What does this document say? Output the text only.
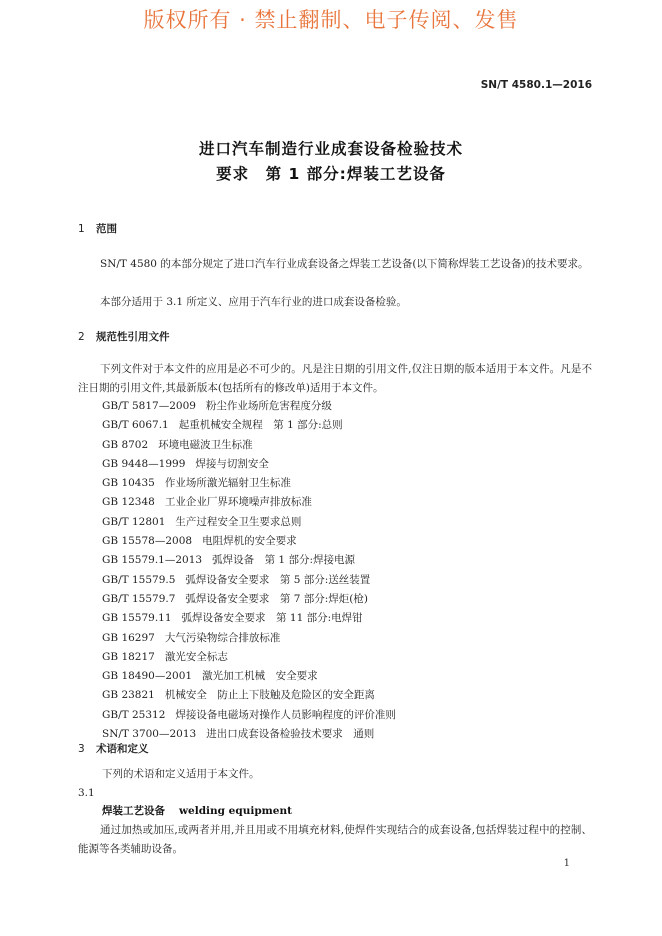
版权所有 · 禁止翻制、电子传阅、发售
SN/T 4580.1—2016
进口汽车制造行业成套设备检验技术
要求　第 1 部分:焊装工艺设备
1 范围

SN/T 4580 的本部分规定了进口汽车行业成套设备之焊装工艺设备(以下简称焊装工艺设备)的技术要求。

本部分适用于 3.1 所定义、应用于汽车行业的进口成套设备检验。

2 规范性引用文件

下列文件对于本文件的应用是必不可少的。凡是注日期的引用文件,仅注日期的版本适用于本文件。凡是不注日期的引用文件,其最新版本(包括所有的修改单)适用于本文件。

GB/T 5817—2009 粉尘作业场所危害程度分级
GB/T 6067.1 起重机械安全规程　第 1 部分:总则
GB 8702 环境电磁波卫生标准
GB 9448—1999 焊接与切割安全
GB 10435 作业场所激光辐射卫生标准
GB 12348 工业企业厂界环境噪声排放标准
GB/T 12801 生产过程安全卫生要求总则
GB 15578—2008 电阻焊机的安全要求
GB 15579.1—2013 弧焊设备　第 1 部分:焊接电源
GB/T 15579.5 弧焊设备安全要求　第 5 部分:送丝装置
GB/T 15579.7 弧焊设备安全要求　第 7 部分:焊炬(枪)
GB 15579.11 弧焊设备安全要求　第 11 部分:电焊钳
GB 16297 大气污染物综合排放标准
GB 18217 激光安全标志
GB 18490—2001 激光加工机械　安全要求
GB 23821 机械安全　防止上下肢触及危险区的安全距离
GB/T 25312 焊接设备电磁场对操作人员影响程度的评价准则
SN/T 3700—2013 进出口成套设备检验技术要求　通则
3 术语和定义
下列的术语和定义适用于本文件。
3.1
焊装工艺设备 welding equipment

通过加热或加压,或两者并用,并且用或不用填充材料,使焊件实现结合的成套设备,包括焊装过程中的控制、能源等各类辅助设备。

1
